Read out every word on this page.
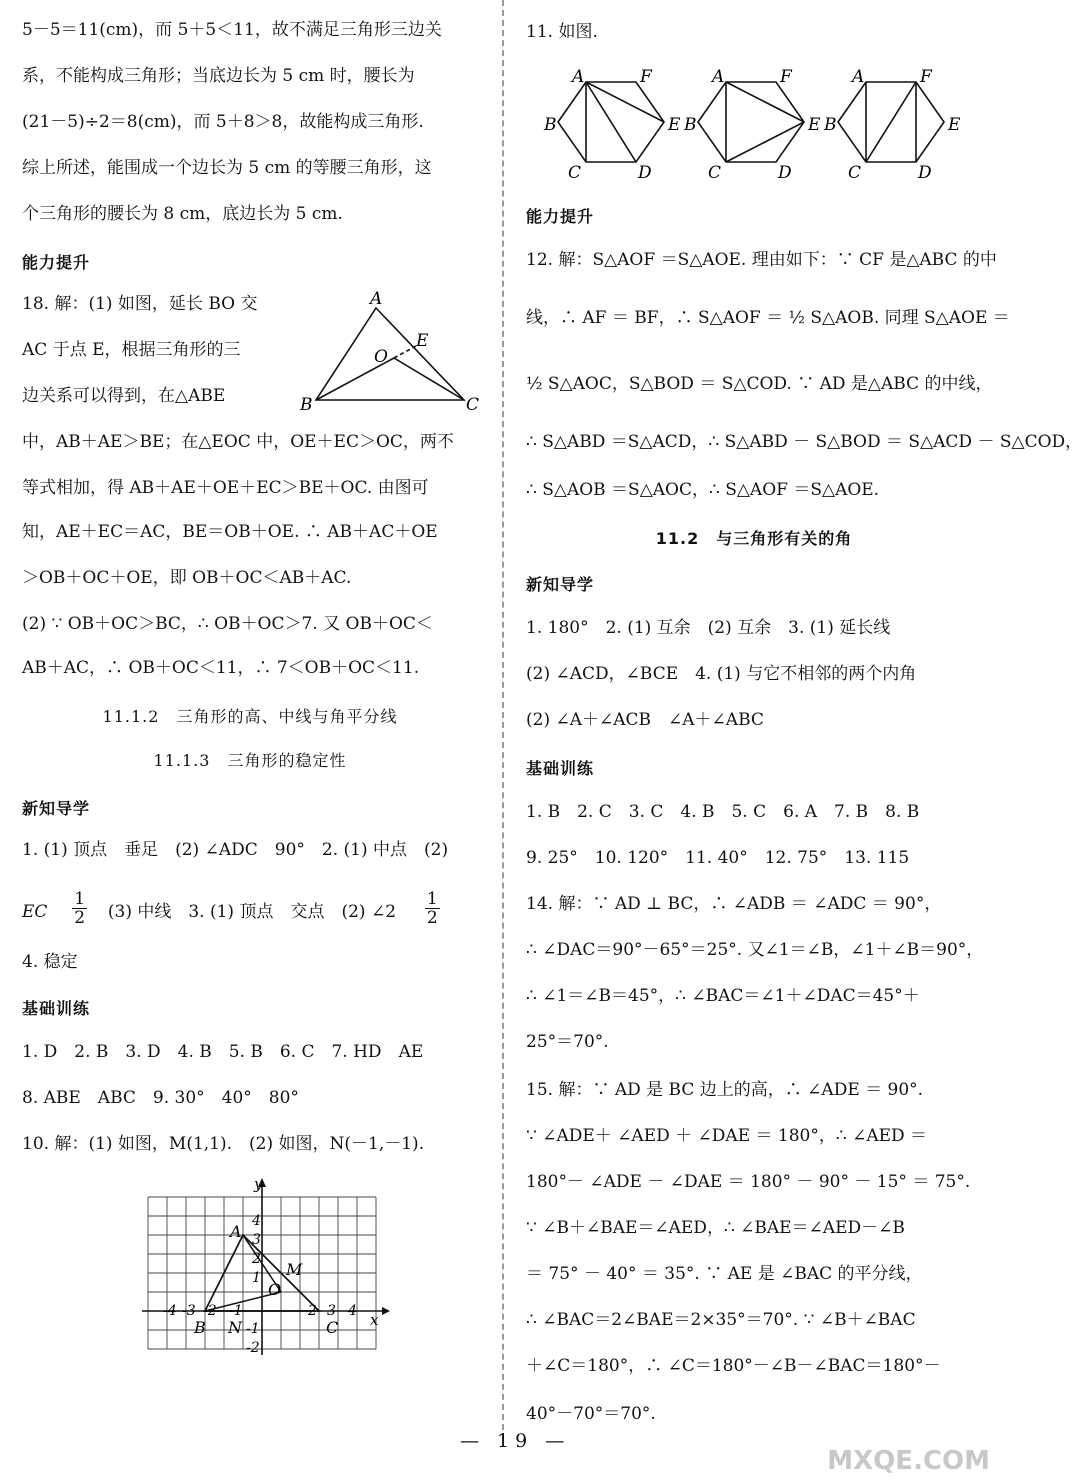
5－5＝11(cm)，而 5＋5＜11，故不满足三角形三边关
系，不能构成三角形；当底边长为 5 cm 时，腰长为
(21－5)÷2＝8(cm)，而 5＋8＞8，故能构成三角形.
综上所述，能围成一个边长为 5 cm 的等腰三角形，这
个三角形的腰长为 8 cm，底边长为 5 cm.
能力提升
18. 解：(1) 如图，延长 BO 交
AC 于点 E，根据三角形的三
边关系可以得到，在△ABE
A
B	C
O
E
中，AB＋AE＞BE；在△EOC 中，OE＋EC＞OC，两不
等式相加，得 AB＋AE＋OE＋EC＞BE＋OC. 由图可
知，AE＋EC＝AC，BE＝OB＋OE. ∴ AB＋AC＋OE
＞OB＋OC＋OE，即 OB＋OC＜AB＋AC.
(2) ∵ OB＋OC＞BC，∴ OB＋OC＞7. 又 OB＋OC＜
AB＋AC，∴ OB＋OC＜11，∴ 7＜OB＋OC＜11.
11.1.2　三角形的高、中线与角平分线
11.1.3　三角形的稳定性
新知导学
1. (1) 顶点　垂足　(2) ∠ADC　90°　2. (1) 中点　(2)
EC $\frac{1}{2} (3)$ 中线　3. (1) 顶点　交点　(2) ∠2 $\frac{1}{2}$
4. 稳定
基础训练
1. D　2. B　3. D　4. B　5. B　6. C　7. HD　AE
8. ABE　ABC　9. 30°　40°　80°
10. 解：(1) 如图，M(1,1).　(2) 如图，N(－1,－1).
y
x
A
B	C
M
N
O
-4 -3 -2 -1	2 3 4
4
3
2
1
-1
-2
11. 如图.
A	F
B	E
C	D
A	F
B	E
C	D
A	F
B	E
C	D
能力提升
12. 解：S△AOF ＝S△AOE. 理由如下：∵ CF 是△ABC 的中
线，∴ AF ＝ BF，∴ S△AOF ＝ ½ S△AOB. 同理 S△AOE ＝
½ S△AOC，S△BOD ＝ S△COD. ∵ AD 是△ABC 的中线，
∴ S△ABD ＝S△ACD，∴ S△ABD － S△BOD ＝ S△ACD － S△COD，
∴ S△AOB ＝S△AOC，∴ S△AOF ＝S△AOE.
11.2　与三角形有关的角
新知导学
1. 180°　2. (1) 互余　(2) 互余　3. (1) 延长线
(2) ∠ACD，∠BCE　4. (1) 与它不相邻的两个内角
(2) ∠A＋∠ACB　∠A＋∠ABC
基础训练
1. B　2. C　3. C　4. B　5. C　6. A　7. B　8. B
9. 25°　10. 120°　11. 40°　12. 75°　13. 115
14. 解：∵ AD ⊥ BC，∴ ∠ADB ＝ ∠ADC ＝ 90°，
∴ ∠DAC＝90°－65°＝25°. 又∠1＝∠B，∠1＋∠B＝90°，
∴ ∠1＝∠B＝45°，∴ ∠BAC＝∠1＋∠DAC＝45°＋
25°＝70°.
15. 解：∵ AD 是 BC 边上的高，∴ ∠ADE ＝ 90°.
∵ ∠ADE＋ ∠AED ＋ ∠DAE ＝ 180°，∴ ∠AED ＝
180°－ ∠ADE － ∠DAE ＝ 180° － 90° － 15° ＝ 75°.
∵ ∠B＋∠BAE＝∠AED，∴ ∠BAE＝∠AED－∠B
＝ 75° － 40° ＝ 35°. ∵ AE 是 ∠BAC 的平分线，
∴ ∠BAC＝2∠BAE＝2×35°＝70°. ∵ ∠B＋∠BAC
＋∠C＝180°，∴ ∠C＝180°－∠B－∠BAC＝180°－
40°－70°＝70°.
— 19 —
MXQE.COM
